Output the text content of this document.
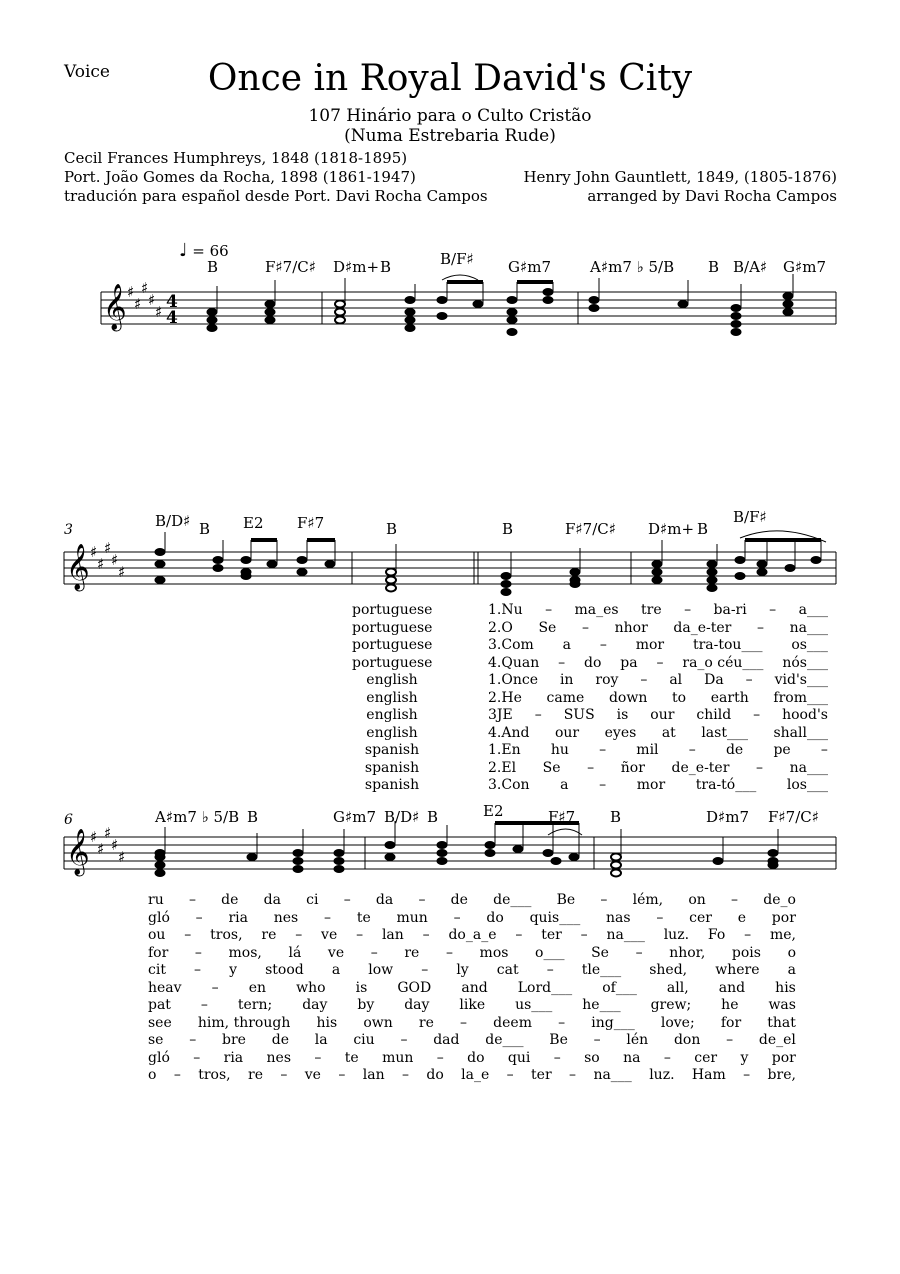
Voice	Once in Royal David's City
107 Hinário para o Culto Cristão
(Numa Estrebaria Rude)
Cecil Frances Humphreys, 1848 (1818-1895)
Port. João Gomes da Rocha, 1898 (1861-1947)
tradución para español desde Port. Davi Rocha Campos
Henry John Gauntlett, 1849, (1805-1876)
arranged by Davi Rocha Campos
♩ = 66
B	F♯7/C♯ D♯m+ B	B/F♯ G♯m7	A♯m7 ♭ 5/B B B/A♯ G♯m7
𝄞 ♯
♯
♯
♯
♯ 4
4
3	B/D♯ B E2 F♯7	B	B	F♯7/C♯ D♯m+ B
B/F♯
𝄞 ♯
♯
♯
♯
♯
portuguese
portuguese
portuguese
portuguese
english
english
english
english
spanish
spanish
spanish
1.Nu – ma_es tre – ba-ri – a___
2.O Se – nhor da_e-ter – na___
3.Com a – mor tra-tou___ os___
4.Quan – do pa – ra_o céu___ nós___
1.Once in roy – al Da – vid's___
2.He came down to earth from___
3JE – SUS is our child – hood's
4.And our eyes at last___ shall___
1.En hu – mil – de pe –
2.El Se – ñor de_e-ter – na___
3.Con a – mor tra-tó___ los___
6	A♯m7 ♭ 5/B B	G♯m7 B/D♯ B	E2	F♯7 B	D♯m7 F♯7/C♯
𝄞 ♯
♯
♯
♯
♯
ru – de da ci – da – de de___ Be – lém, on – de_o
gló – ria nes – te mun – do quis___ nas – cer e por
ou – tros, re – ve – lan – do_a_e – ter – na___ luz. Fo – me,
for – mos, lá ve – re – mos o___ Se – nhor, pois o
cit – y stood a low – ly cat – tle___ shed, where a
heav – en who is GOD and Lord___ of___ all, and his
pat – tern; day by day like us___ he___ grew; he was
see him, through his own re – deem – ing___ love; for that
se – bre de la ciu – dad de___ Be – lén don – de_el
gló – ria nes – te mun – do qui – so na – cer y por
o – tros, re – ve – lan – do la_e – ter – na___ luz. Ham – bre,
